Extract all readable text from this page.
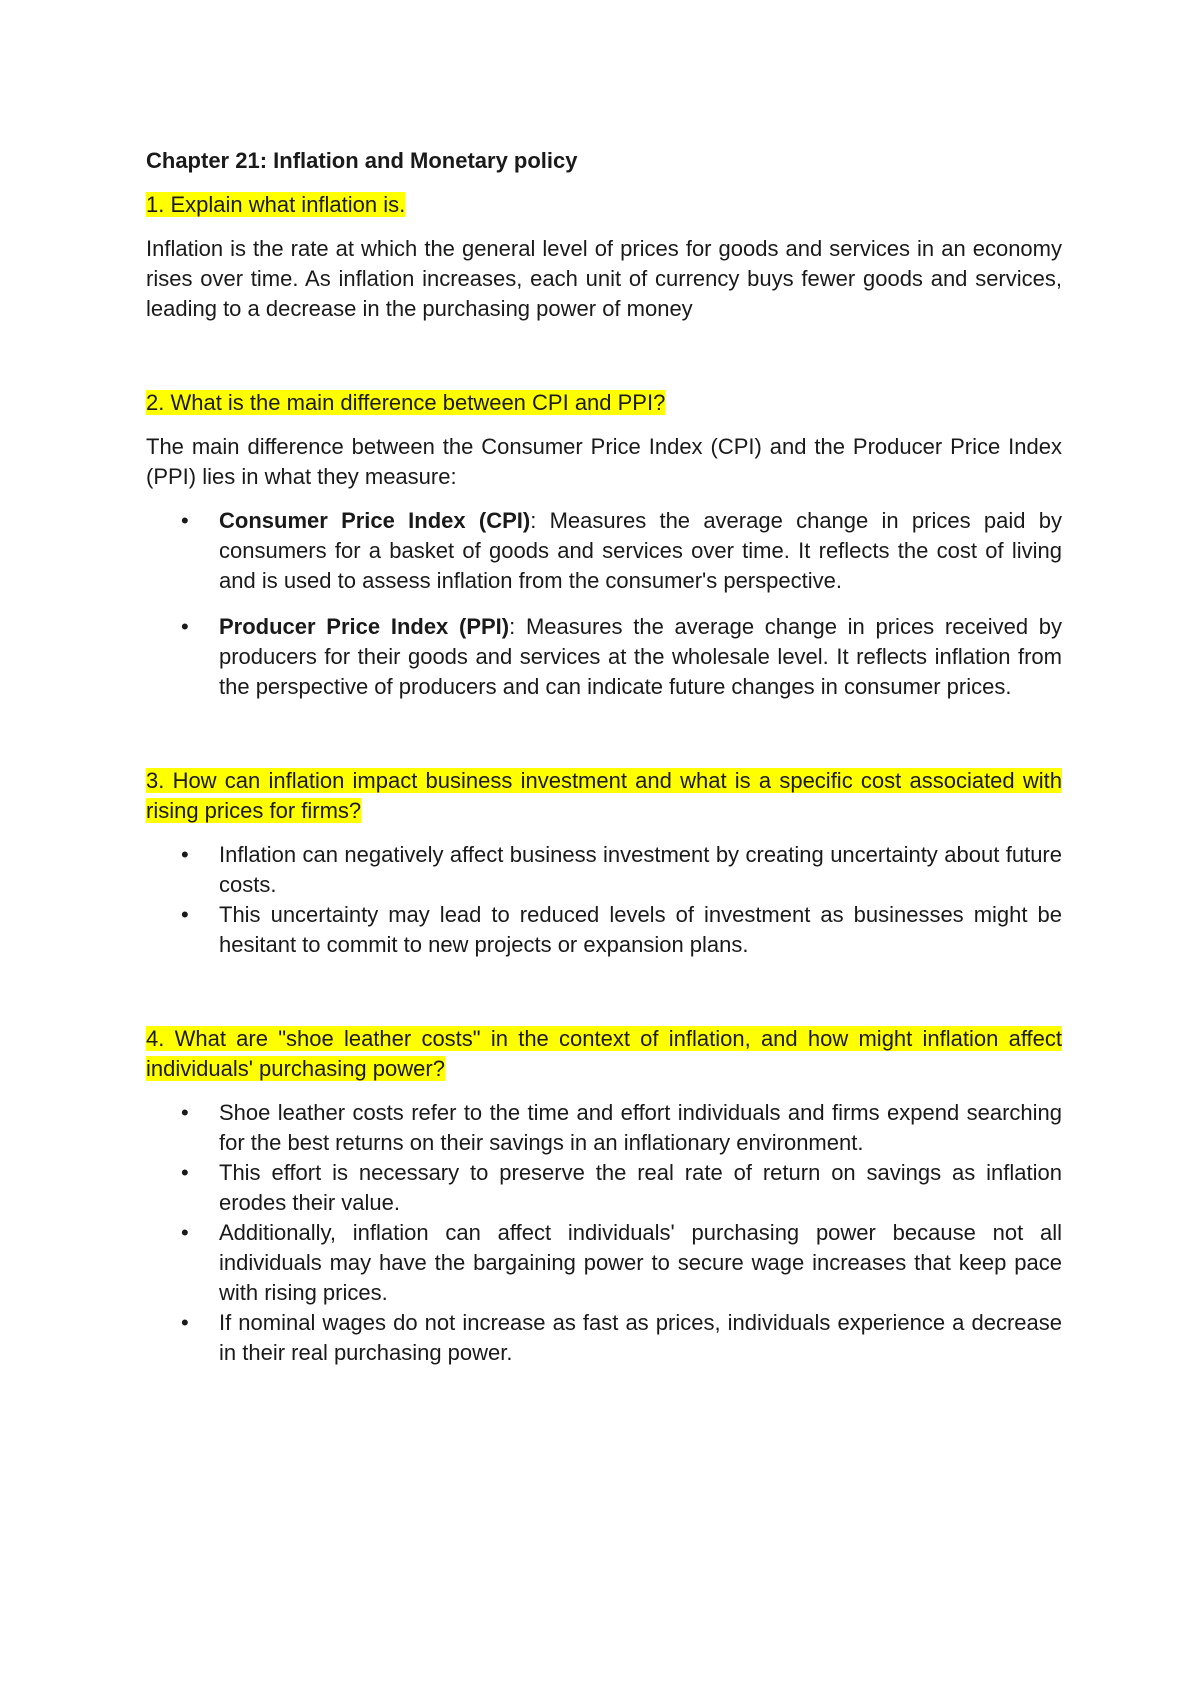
Chapter 21: Inflation and Monetary policy

1. Explain what inflation is.

Inflation is the rate at which the general level of prices for goods and services in an economy rises over time. As inflation increases, each unit of currency buys fewer goods and services, leading to a decrease in the purchasing power of money

2. What is the main difference between CPI and PPI?

The main difference between the Consumer Price Index (CPI) and the Producer Price Index (PPI) lies in what they measure:

• Consumer Price Index (CPI): Measures the average change in prices paid by consumers for a basket of goods and services over time. It reflects the cost of living and is used to assess inflation from the consumer's perspective.
• Producer Price Index (PPI): Measures the average change in prices received by producers for their goods and services at the wholesale level. It reflects inflation from the perspective of producers and can indicate future changes in consumer prices.

3. How can inflation impact business investment and what is a specific cost associated with rising prices for firms?

• Inflation can negatively affect business investment by creating uncertainty about future costs.
• This uncertainty may lead to reduced levels of investment as businesses might be hesitant to commit to new projects or expansion plans.

4. What are "shoe leather costs" in the context of inflation, and how might inflation affect individuals' purchasing power?

• Shoe leather costs refer to the time and effort individuals and firms expend searching for the best returns on their savings in an inflationary environment.
• This effort is necessary to preserve the real rate of return on savings as inflation erodes their value.
• Additionally, inflation can affect individuals' purchasing power because not all individuals may have the bargaining power to secure wage increases that keep pace with rising prices.
• If nominal wages do not increase as fast as prices, individuals experience a decrease in their real purchasing power.
